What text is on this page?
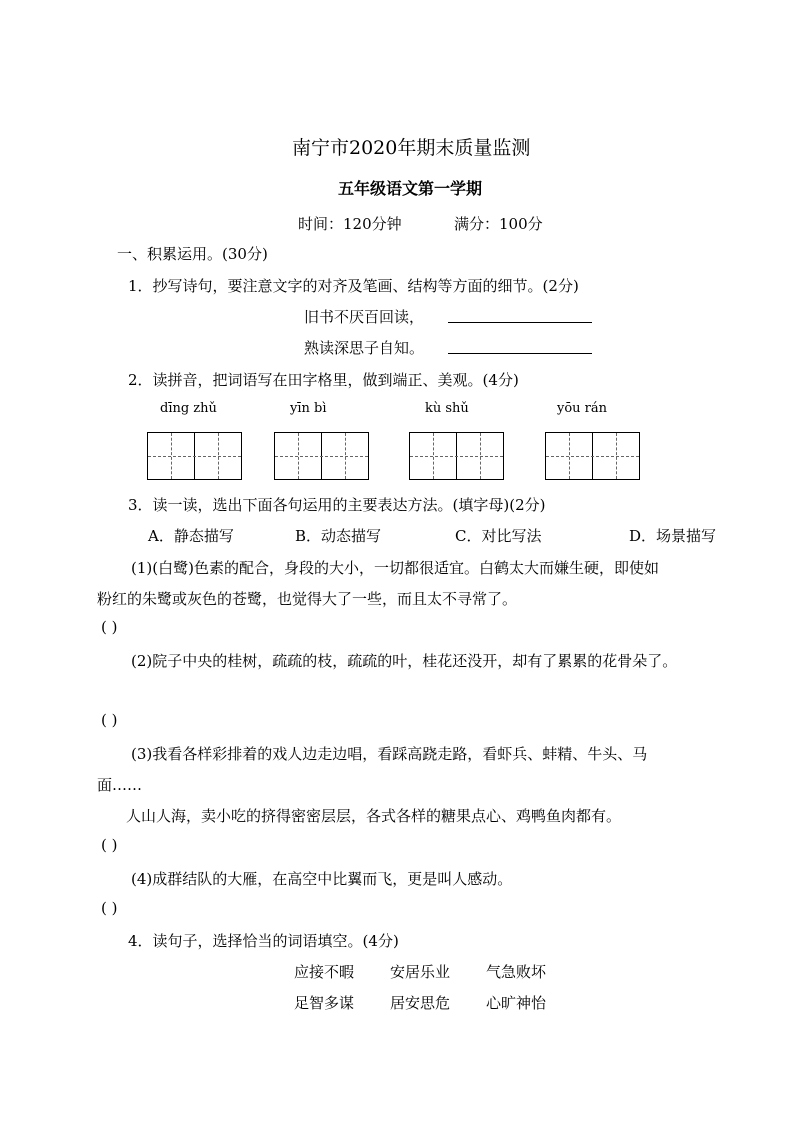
南宁市2020年期末质量监测
五年级语文第一学期
时间：120分钟	满分：100分
一、积累运用。(30分)
1．抄写诗句，要注意文字的对齐及笔画、结构等方面的细节。(2分)
旧书不厌百回读，
熟读深思子自知。
2．读拼音，把词语写在田字格里，做到端正、美观。(4分)
dīng zhǔ	yīn bì	kù shǔ	yōu rán
3．读一读，选出下面各句运用的主要表达方法。(填字母)(2分)
A．静态描写	B．动态描写	C．对比写法	D．场景描写
(1)(白鹭)色素的配合，身段的大小，一切都很适宜。白鹤太大而嫌生硬，即使如
粉红的朱鹭或灰色的苍鹭，也觉得大了一些，而且太不寻常了。
( )
(2)院子中央的桂树，疏疏的枝，疏疏的叶，桂花还没开，却有了累累的花骨朵了。
( )
(3)我看各样彩排着的戏人边走边唱，看踩高跷走路，看虾兵、蚌精、牛头、马
面……
人山人海，卖小吃的挤得密密层层，各式各样的糖果点心、鸡鸭鱼肉都有。
( )
(4)成群结队的大雁，在高空中比翼而飞，更是叫人感动。
( )
4．读句子，选择恰当的词语填空。(4分)
应接不暇 安居乐业 气急败坏
足智多谋 居安思危 心旷神怡
